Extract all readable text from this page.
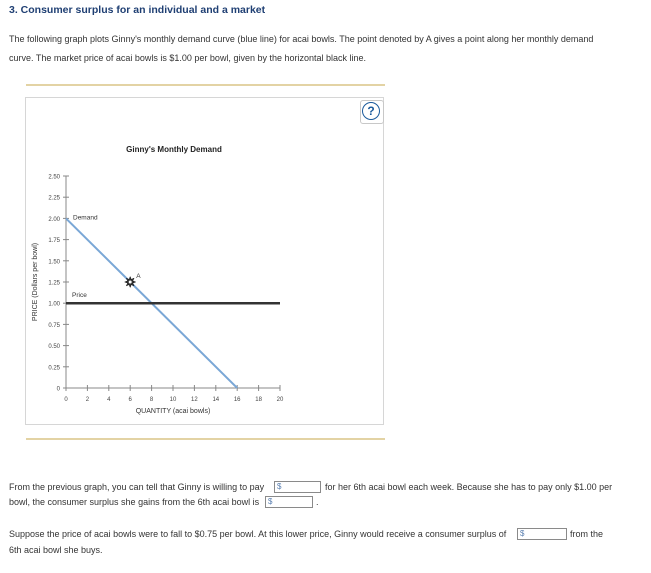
3. Consumer surplus for an individual and a market
The following graph plots Ginny's monthly demand curve (blue line) for acai bowls. The point denoted by A gives a point along her monthly demand
curve. The market price of acai bowls is $1.00 per bowl, given by the horizontal black line.
?
Ginny's Monthly Demand
PRICE (Dollars per bowl)
QUANTITY (acai bowls)
0
0.25
0.50
0.75
1.00
1.25
1.50
1.75
2.00
2.25
2.50
0	2	4	6	8	10 12 14 16 18 20
Demand
Price
A
From the previous graph, you can tell that Ginny is willing to pay	$	for her 6th acai bowl each week. Because she has to pay only $1.00 per
bowl, the consumer surplus she gains from the 6th acai bowl is	$	.
Suppose the price of acai bowls were to fall to $0.75 per bowl. At this lower price, Ginny would receive a consumer surplus of	$	from the
6th acai bowl she buys.
